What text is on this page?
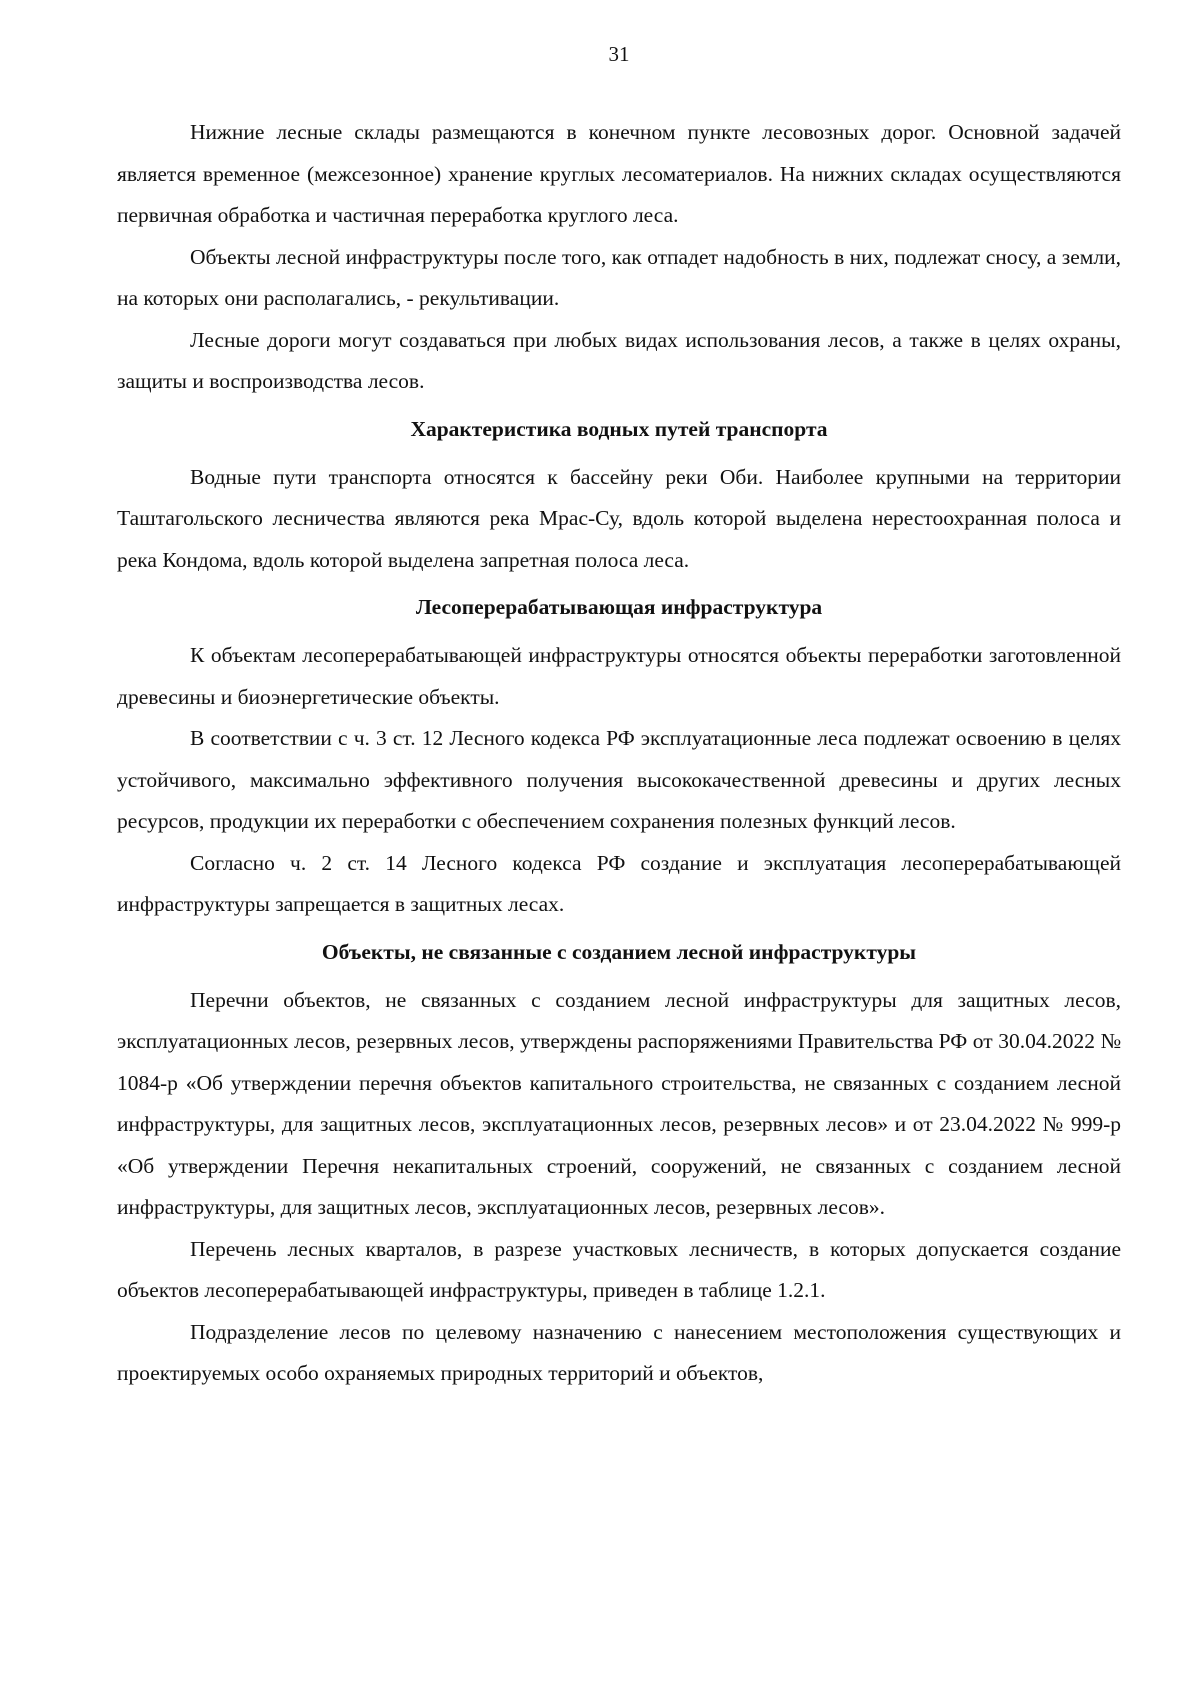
31

Нижние лесные склады размещаются в конечном пункте лесовозных дорог. Основной задачей является временное (межсезонное) хранение круглых лесоматериалов. На нижних складах осуществляются первичная обработка и частичная переработка круглого леса.

Объекты лесной инфраструктуры после того, как отпадет надобность в них, подлежат сносу, а земли, на которых они располагались, - рекультивации.

Лесные дороги могут создаваться при любых видах использования лесов, а также в целях охраны, защиты и воспроизводства лесов.

Характеристика водных путей транспорта

Водные пути транспорта относятся к бассейну реки Оби. Наиболее крупными на территории Таштагольского лесничества являются река Мрас-Су, вдоль которой выделена нерестоохранная полоса и река Кондома, вдоль которой выделена запретная полоса леса.

Лесоперерабатывающая инфраструктура

К объектам лесоперерабатывающей инфраструктуры относятся объекты переработки заготовленной древесины и биоэнергетические объекты.

В соответствии с ч. 3 ст. 12 Лесного кодекса РФ эксплуатационные леса подлежат освоению в целях устойчивого, максимально эффективного получения высококачественной древесины и других лесных ресурсов, продукции их переработки с обеспечением сохранения полезных функций лесов.

Согласно ч. 2 ст. 14 Лесного кодекса РФ создание и эксплуатация лесоперерабатывающей инфраструктуры запрещается в защитных лесах.

Объекты, не связанные с созданием лесной инфраструктуры

Перечни объектов, не связанных с созданием лесной инфраструктуры для защитных лесов, эксплуатационных лесов, резервных лесов, утверждены распоряжениями Правительства РФ от 30.04.2022 № 1084-р «Об утверждении перечня объектов капитального строительства, не связанных с созданием лесной инфраструктуры, для защитных лесов, эксплуатационных лесов, резервных лесов» и от 23.04.2022 № 999-р «Об утверждении Перечня некапитальных строений, сооружений, не связанных с созданием лесной инфраструктуры, для защитных лесов, эксплуатационных лесов, резервных лесов».

Перечень лесных кварталов, в разрезе участковых лесничеств, в которых допускается создание объектов лесоперерабатывающей инфраструктуры, приведен в таблице 1.2.1.

Подразделение лесов по целевому назначению с нанесением местоположения существующих и проектируемых особо охраняемых природных территорий и объектов,
